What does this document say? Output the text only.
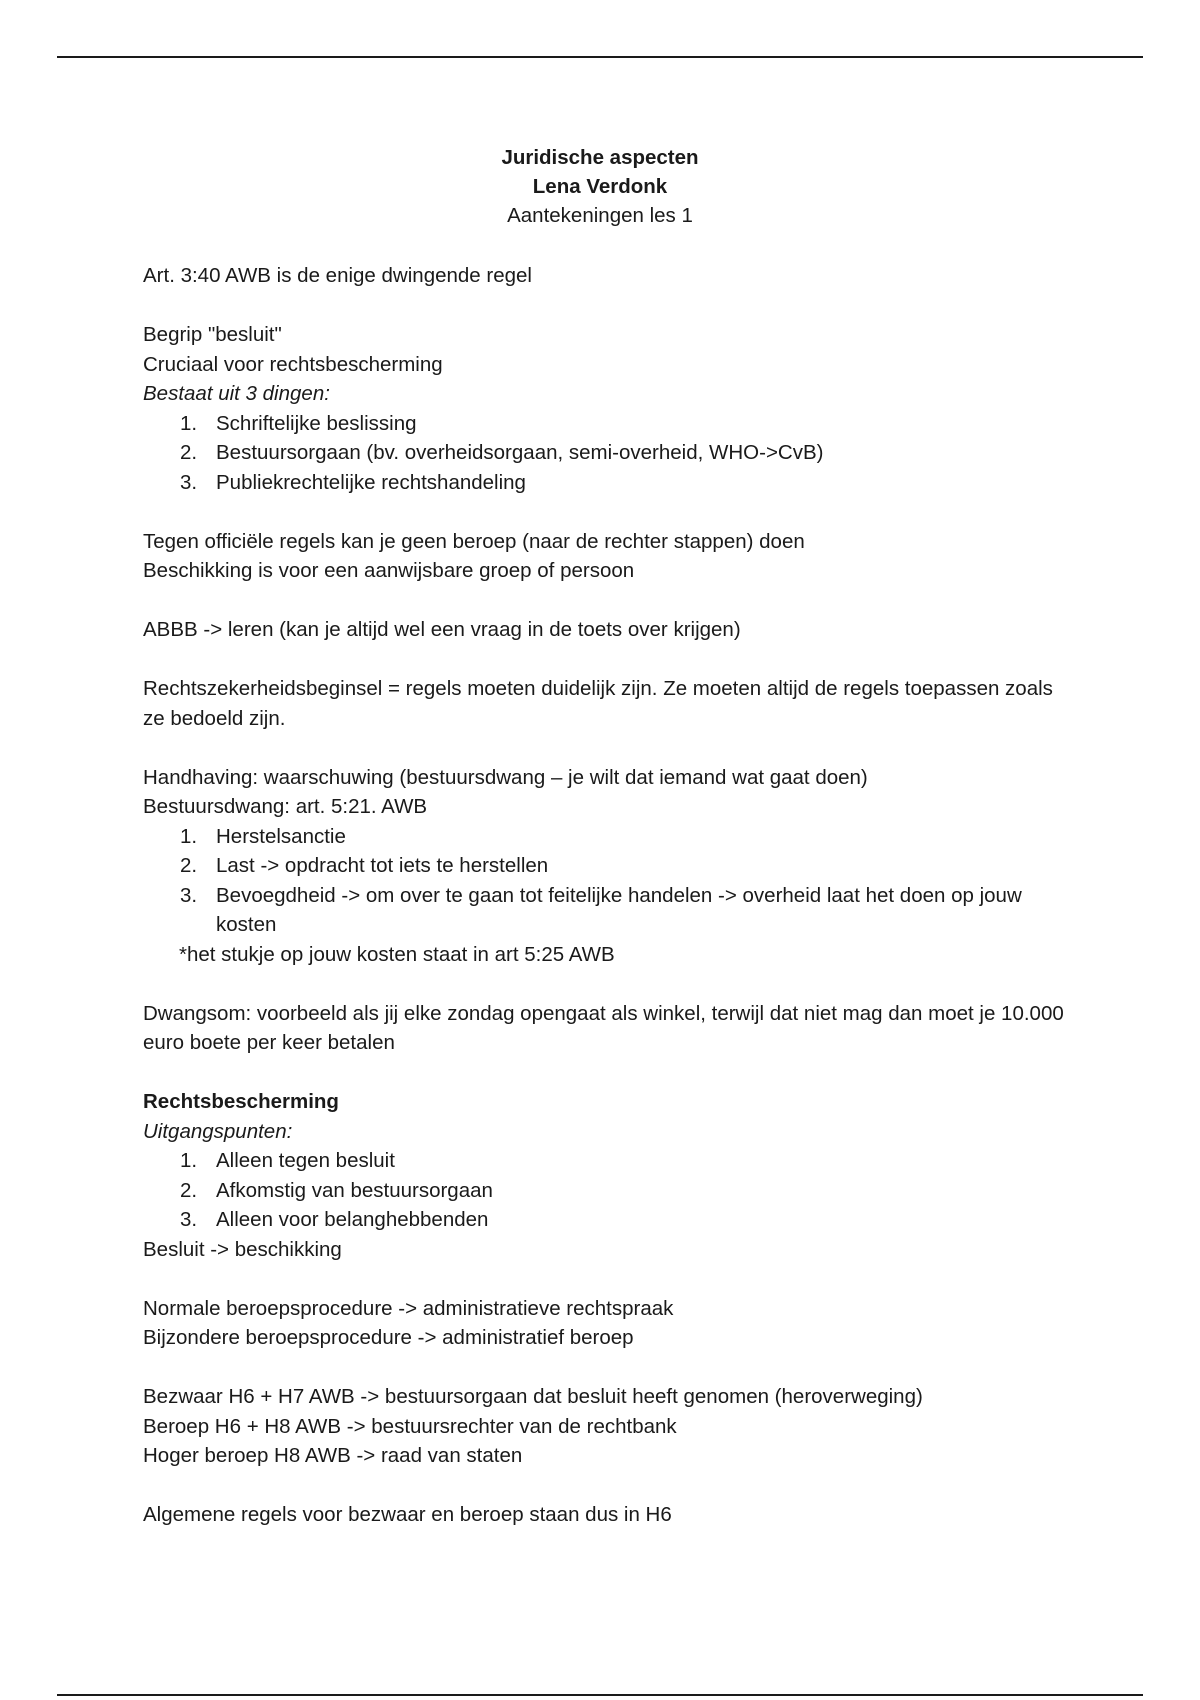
Juridische aspecten
Lena Verdonk
Aantekeningen les 1

Art. 3:40 AWB is de enige dwingende regel

Begrip "besluit"

Cruciaal voor rechtsbescherming

Bestaat uit 3 dingen:

1. Schriftelijke beslissing
2. Bestuursorgaan (bv. overheidsorgaan, semi-overheid, WHO->CvB)
3. Publiekrechtelijke rechtshandeling

Tegen officiële regels kan je geen beroep (naar de rechter stappen) doen

Beschikking is voor een aanwijsbare groep of persoon

ABBB -> leren (kan je altijd wel een vraag in de toets over krijgen)

Rechtszekerheidsbeginsel = regels moeten duidelijk zijn. Ze moeten altijd de regels toepassen zoals ze bedoeld zijn.

Handhaving: waarschuwing (bestuursdwang – je wilt dat iemand wat gaat doen)

Bestuursdwang: art. 5:21. AWB

1. Herstelsanctie
2. Last -> opdracht tot iets te herstellen
3. Bevoegdheid -> om over te gaan tot feitelijke handelen -> overheid laat het doen op jouw kosten

*het stukje op jouw kosten staat in art 5:25 AWB

Dwangsom: voorbeeld als jij elke zondag opengaat als winkel, terwijl dat niet mag dan moet je 10.000 euro boete per keer betalen

Rechtsbescherming

Uitgangspunten:

1. Alleen tegen besluit
2. Afkomstig van bestuursorgaan
3. Alleen voor belanghebbenden

Besluit -> beschikking

Normale beroepsprocedure -> administratieve rechtspraak

Bijzondere beroepsprocedure -> administratief beroep

Bezwaar H6 + H7 AWB -> bestuursorgaan dat besluit heeft genomen (heroverweging)

Beroep H6 + H8 AWB -> bestuursrechter van de rechtbank

Hoger beroep H8 AWB -> raad van staten

Algemene regels voor bezwaar en beroep staan dus in H6
